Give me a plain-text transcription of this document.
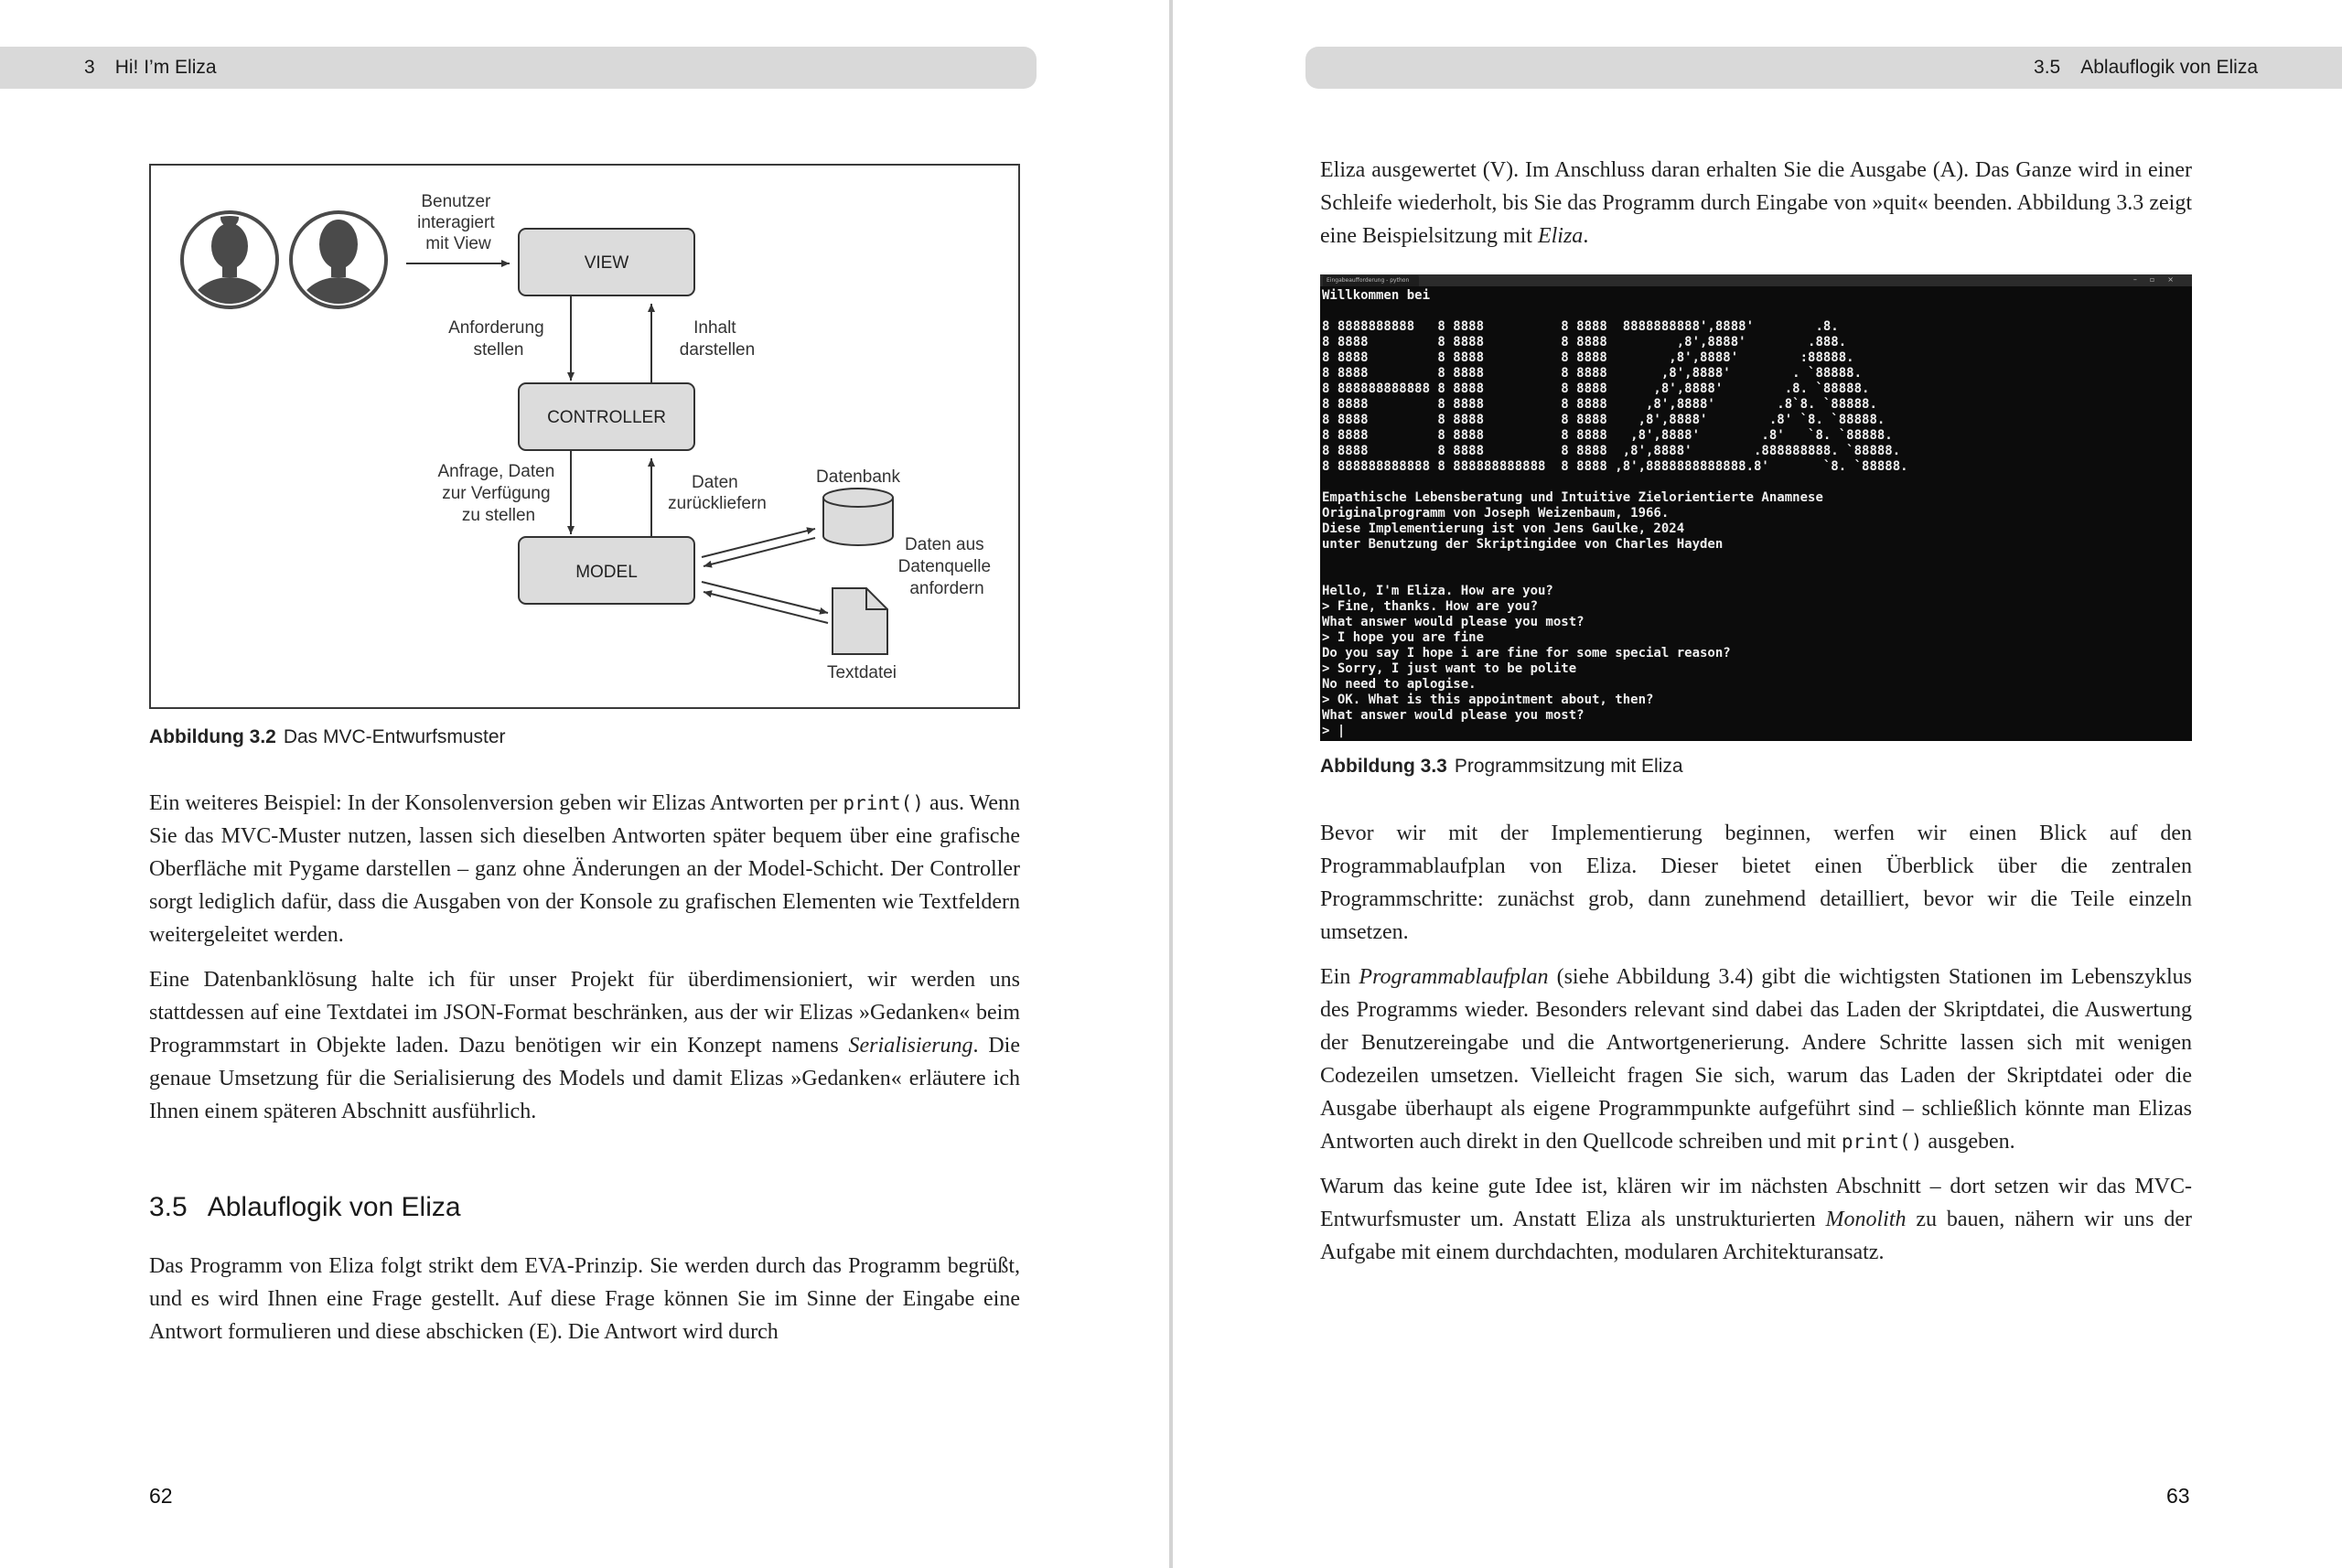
3 Hi! I’m Eliza
Benutzer interagiert mit View
VIEW
Anforderung stellen
Inhalt darstellen
CONTROLLER
Anfrage, Daten zur Verfügung zu stellen
Daten zurückliefern
MODEL
Datenbank
Textdatei
Daten aus Datenquelle anfordern
Abbildung 3.2 Das MVC-Entwurfsmuster

Ein weiteres Beispiel: In der Konsolenversion geben wir Elizas Antworten per print() aus. Wenn Sie das MVC-Muster nutzen, lassen sich dieselben Antworten später bequem über eine grafische Oberfläche mit Pygame darstellen – ganz ohne Änderungen an der Model-Schicht. Der Controller sorgt lediglich dafür, dass die Ausgaben von der Konsole zu grafischen Elementen wie Textfeldern weitergeleitet werden.

Eine Datenbanklösung halte ich für unser Projekt für überdimensioniert, wir werden uns stattdessen auf eine Textdatei im JSON-Format beschränken, aus der wir Elizas »Gedanken« beim Programmstart in Objekte laden. Dazu benötigen wir ein Konzept namens Serialisierung. Die genaue Umsetzung für die Serialisierung des Models und damit Elizas »Gedanken« erläutere ich Ihnen einem späteren Abschnitt ausführlich.

3.5 Ablauflogik von Eliza

Das Programm von Eliza folgt strikt dem EVA-Prinzip. Sie werden durch das Programm begrüßt, und es wird Ihnen eine Frage gestellt. Auf diese Frage können Sie im Sinne der Eingabe eine Antwort formulieren und diese abschicken (E). Die Antwort wird durch

62
3.5 Ablauflogik von Eliza

Eliza ausgewertet (V). Im Anschluss daran erhalten Sie die Ausgabe (A). Das Ganze wird in einer Schleife wiederholt, bis Sie das Programm durch Eingabe von »quit« beenden. Abbildung 3.3 zeigt eine Beispielsitzung mit Eliza.

Eingabeaufforderung - python	–▫×
Willkommen bei

8 8888888888   8 8888          8 8888  8888888888',8888'        .8.
8 8888         8 8888          8 8888         ,8',8888'        .888.
8 8888         8 8888          8 8888        ,8',8888'        :88888.
8 8888         8 8888          8 8888       ,8',8888'        . `88888.
8 888888888888 8 8888          8 8888      ,8',8888'        .8. `88888.
8 8888         8 8888          8 8888     ,8',8888'        .8`8. `88888.
8 8888         8 8888          8 8888    ,8',8888'        .8' `8. `88888.
8 8888         8 8888          8 8888   ,8',8888'        .8'   `8. `88888.
8 8888         8 8888          8 8888  ,8',8888'        .888888888. `88888.
8 888888888888 8 888888888888  8 8888 ,8',8888888888888.8'       `8. `88888.

Empathische Lebensberatung und Intuitive Zielorientierte Anamnese
Originalprogramm von Joseph Weizenbaum, 1966.
Diese Implementierung ist von Jens Gaulke, 2024
unter Benutzung der Skriptingidee von Charles Hayden

Hello, I'm Eliza. How are you?
> Fine, thanks. How are you?
What answer would please you most?
> I hope you are fine
Do you say I hope i are fine for some special reason?
> Sorry, I just want to be polite
No need to aplogise.
> OK. What is this appointment about, then?
What answer would please you most?
> |
Abbildung 3.3 Programmsitzung mit Eliza

Bevor wir mit der Implementierung beginnen, werfen wir einen Blick auf den Programmablaufplan von Eliza. Dieser bietet einen Überblick über die zentralen Programmschritte: zunächst grob, dann zunehmend detailliert, bevor wir die Teile einzeln umsetzen.

Ein Programmablaufplan (siehe Abbildung 3.4) gibt die wichtigsten Stationen im Lebenszyklus des Programms wieder. Besonders relevant sind dabei das Laden der Skriptdatei, die Auswertung der Benutzereingabe und die Antwortgenerierung. Andere Schritte lassen sich mit wenigen Codezeilen umsetzen. Vielleicht fragen Sie sich, warum das Laden der Skriptdatei oder die Ausgabe überhaupt als eigene Programmpunkte aufgeführt sind – schließlich könnte man Elizas Antworten auch direkt in den Quellcode schreiben und mit print() ausgeben.

Warum das keine gute Idee ist, klären wir im nächsten Abschnitt – dort setzen wir das MVC-Entwurfsmuster um. Anstatt Eliza als unstrukturierten Monolith zu bauen, nähern wir uns der Aufgabe mit einem durchdachten, modularen Architekturansatz.

63
